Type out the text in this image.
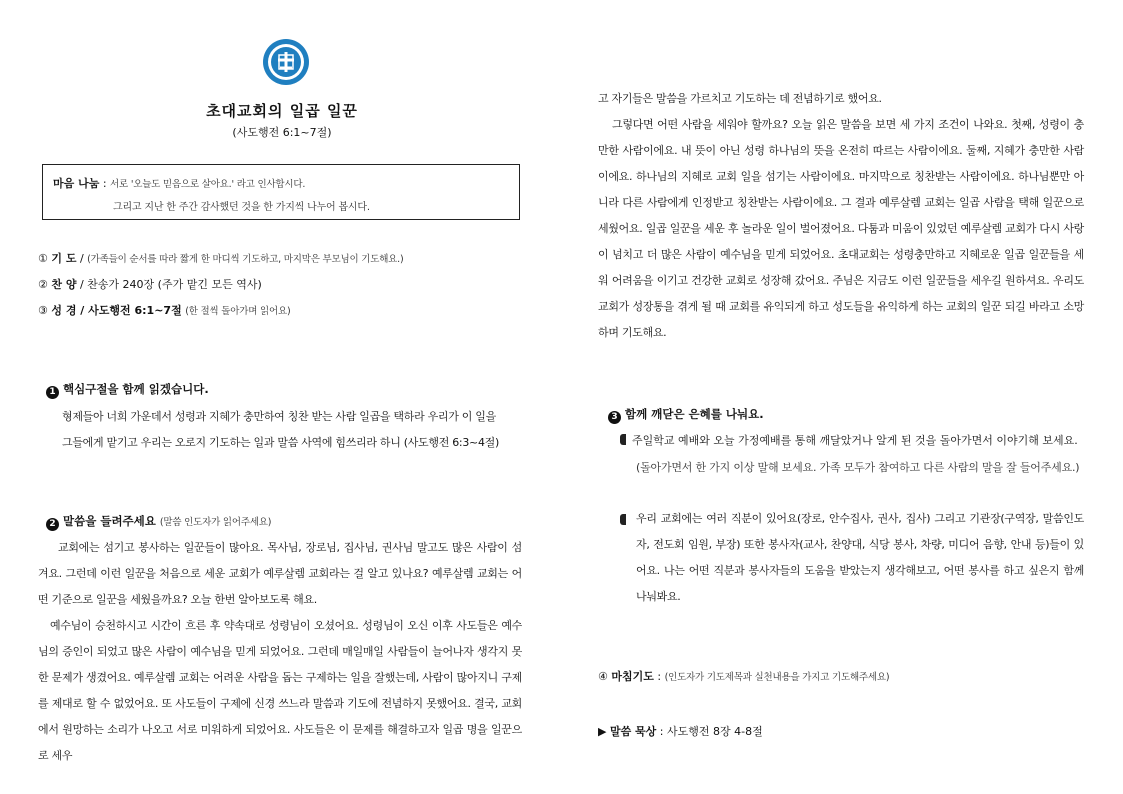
초대교회의 일곱 일꾼
(사도행전 6:1~7절)
마음 나눔 : 서로 '오늘도 믿음으로 살아요.' 라고 인사합시다.
그리고 지난 한 주간 감사했던 것을 한 가지씩 나누어 봅시다.
① 기 도 / (가족들이 순서를 따라 짧게 한 마디씩 기도하고, 마지막은 부모님이 기도해요.)
② 찬 양 / 찬송가 240장 (주가 맡긴 모든 역사)
③ 성 경 / 사도행전 6:1~7절 (한 절씩 돌아가며 읽어요)
1 핵심구절을 함께 읽겠습니다.
형제들아 너희 가운데서 성령과 지혜가 충만하여 칭찬 받는 사람 일곱을 택하라 우리가 이 일을
그들에게 맡기고 우리는 오로지 기도하는 일과 말씀 사역에 힘쓰리라 하니 (사도행전 6:3~4절)
2 말씀을 들려주세요 (말씀 인도자가 읽어주세요)

교회에는 섬기고 봉사하는 일꾼들이 많아요. 목사님, 장로님, 집사님, 권사님 말고도 많은 사람이 섬겨요. 그런데 이런 일꾼을 처음으로 세운 교회가 예루살렘 교회라는 걸 알고 있나요? 예루살렘 교회는 어떤 기준으로 일꾼을 세웠을까요? 오늘 한번 알아보도록 해요.

예수님이 승천하시고 시간이 흐른 후 약속대로 성령님이 오셨어요. 성령님이 오신 이후 사도들은 예수님의 증인이 되었고 많은 사람이 예수님을 믿게 되었어요. 그런데 매일매일 사람들이 늘어나자 생각지 못한 문제가 생겼어요. 예루살렘 교회는 어려운 사람을 돕는 구제하는 일을 잘했는데, 사람이 많아지니 구제를 제대로 할 수 없었어요. 또 사도들이 구제에 신경 쓰느라 말씀과 기도에 전념하지 못했어요. 결국, 교회에서 원망하는 소리가 나오고 서로 미워하게 되었어요. 사도들은 이 문제를 해결하고자 일곱 명을 일꾼으로 세우

고 자기들은 말씀을 가르치고 기도하는 데 전념하기로 했어요.

그렇다면 어떤 사람을 세워야 할까요? 오늘 읽은 말씀을 보면 세 가지 조건이 나와요. 첫째, 성령이 충만한 사람이에요. 내 뜻이 아닌 성령 하나님의 뜻을 온전히 따르는 사람이에요. 둘째, 지혜가 충만한 사람이에요. 하나님의 지혜로 교회 일을 섬기는 사람이에요. 마지막으로 칭찬받는 사람이에요. 하나님뿐만 아니라 다른 사람에게 인정받고 칭찬받는 사람이에요. 그 결과 예루살렘 교회는 일곱 사람을 택해 일꾼으로 세웠어요. 일곱 일꾼을 세운 후 놀라운 일이 벌어졌어요. 다툼과 미움이 있었던 예루살렘 교회가 다시 사랑이 넘치고 더 많은 사람이 예수님을 믿게 되었어요. 초대교회는 성령충만하고 지혜로운 일곱 일꾼들을 세워 어려움을 이기고 건강한 교회로 성장해 갔어요. 주님은 지금도 이런 일꾼들을 세우길 원하셔요. 우리도 교회가 성장통을 겪게 될 때 교회를 유익되게 하고 성도들을 유익하게 하는 교회의 일꾼 되길 바라고 소망하며 기도해요.

3 함께 깨닫은 은혜를 나눠요.
주일학교 예배와 오늘 가정예배를 통해 깨달았거나 알게 된 것을 돌아가면서 이야기해 보세요.
(돌아가면서 한 가지 이상 말해 보세요. 가족 모두가 참여하고 다른 사람의 말을 잘 들어주세요.)

우리 교회에는 여러 직분이 있어요(장로, 안수집사, 권사, 집사) 그리고 기관장(구역장, 말씀인도자, 전도회 임원, 부장) 또한 봉사자(교사, 찬양대, 식당 봉사, 차량, 미디어 음향, 안내 등)들이 있어요. 나는 어떤 직분과 봉사자들의 도움을 받았는지 생각해보고, 어떤 봉사를 하고 싶은지 함께 나눠봐요.

④ 마침기도 : (인도자가 기도제목과 실천내용을 가지고 기도해주세요)
▶ 말씀 묵상 : 사도행전 8장 4-8절
